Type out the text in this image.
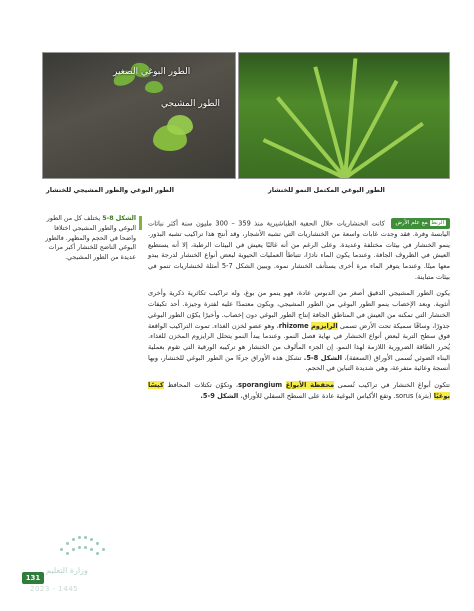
الطور البوغي الصغير
الطور المشيجي
الطور البوغي والطور المشيجي للخنشار	الطور البوغي المكتمل النمو للخنشار
الشكل 8-5 يختلف كل من الطور البوغي والطور المشيجي اختلافا واضحا في الحجم والمظهر. فالطور البوغي الناضج للخنشار أكبر مرات عديدة من الطور المشيجي.

الربطمع علم الأرض كانت الخنشاريات خلال الحقبة الطباشيرية منذ 359 – 300 مليون سنة أكثر نباتات اليابسة وفرة. فقد وجدت غابات واسعة من الخنشاريات التي تشبه الأشجار، وقد أنتج هذا تراكيب تشبه البذور. ينمو الخنشار في بيئات مختلفة وعديدة. وعلى الرغم من أنه غالبًا يعيش في البيئات الرطبة، إلا أنه يستطيع العيش في الظروف الجافة. وعندما يكون الماء نادرًا، تتباطأ العمليات الحيوية لبعض أنواع الخنشار لدرجة يبدو معها ميتًا. وعندما يتوفر الماء مرة أخرى يستأنف الخنشار نموه. ويبين الشكل 7-5 أمثلة لخنشاريات تنمو في بيئات متباينة.

يكون الطور المشيجي الدقيق أصغر من الدبوس عادة، فهو ينمو من بوغ، وله تراكيب تكاثرية ذكرية وأخرى أنثوية. وبعد الإخصاب ينمو الطور البوغي من الطور المشيجي، ويكون معتمدًا عليه لفترة وجيزة. أحد تكيفات الخنشار التي تمكنه من العيش في المناطق الجافة إنتاج الطور البوغي دون إخصاب. وأخيرًا يكوّن الطور البوغي جذورًا، وساقًا سميكة تحت الأرض تسمى الرايزوم rhizome، وهو عضو لخزن الغذاء. تموت التراكيب الواقعة فوق سطح التربة لبعض أنواع الخنشار في نهاية فصل النمو. وعندما يبدأ النمو يتحلل الرايزوم المخزن للغذاء. يُحرر الطاقة الضرورية اللازمة لهذا النمو. إن الجزء المألوف من الخنشار هو تركيبه الورقية التي تقوم بعملية البناء الضوئي تُسمى الأوراق (السعفة)، الشكل 8-5. تشكل هذه الأوراق جزءًا من الطور البوغي للخنشار، وبها أنسجة وعائية متفرعة، وهي شديدة التباين في الحجم.

تتكون أبواغ الخنشار في تراكيب تُسمى محفظة الأبواغ sporangium، وتكوّن تكتلات المحافظ كيسًا بوغيًا (بثرة) sorus. وتقع الأكياس البوغية عادة على السطح السفلي للأوراق، الشكل 9-5.

وزارة التعليم
131
2023 - 1445
